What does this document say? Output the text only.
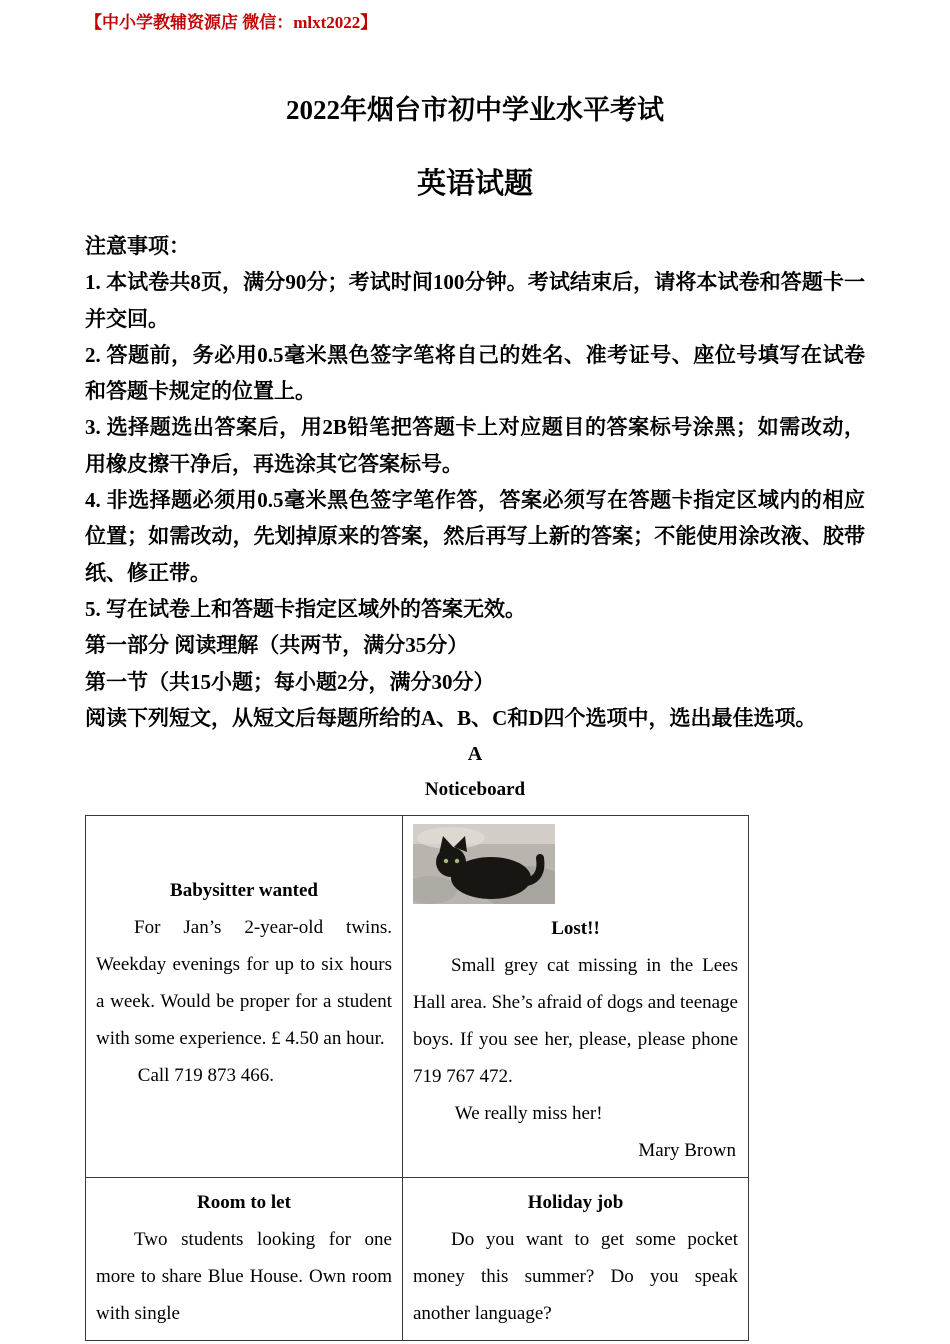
【中小学教辅资源店 微信：mlxt2022】
2022年烟台市初中学业水平考试
英语试题

注意事项：

1. 本试卷共8页，满分90分；考试时间100分钟。考试结束后，请将本试卷和答题卡一并交回。

2. 答题前，务必用0.5毫米黑色签字笔将自己的姓名、准考证号、座位号填写在试卷和答题卡规定的位置上。

3. 选择题选出答案后，用2B铅笔把答题卡上对应题目的答案标号涂黑；如需改动，用橡皮擦干净后，再选涂其它答案标号。

4. 非选择题必须用0.5毫米黑色签字笔作答，答案必须写在答题卡指定区域内的相应位置；如需改动，先划掉原来的答案，然后再写上新的答案；不能使用涂改液、胶带纸、修正带。

5. 写在试卷上和答题卡指定区域外的答案无效。

第一部分 阅读理解（共两节，满分35分）

第一节（共15小题；每小题2分，满分30分）

阅读下列短文，从短文后每题所给的A、B、C和D四个选项中，选出最佳选项。

A

Noticeboard

Babysitter wanted

For Jan’s 2-year-old twins. Weekday evenings for up to six hours a week. Would be proper for a student with some experience. £ 4.50 an hour.

Call 719 873 466.

Lost!!

Small grey cat missing in the Lees Hall area. She’s afraid of dogs and teenage boys. If you see her, please, please phone 719 767 472.

We really miss her!

Mary Brown

Room to let

Two students looking for one more to share Blue House. Own room with single

Holiday job

Do you want to get some pocket money this summer? Do you speak another language?
